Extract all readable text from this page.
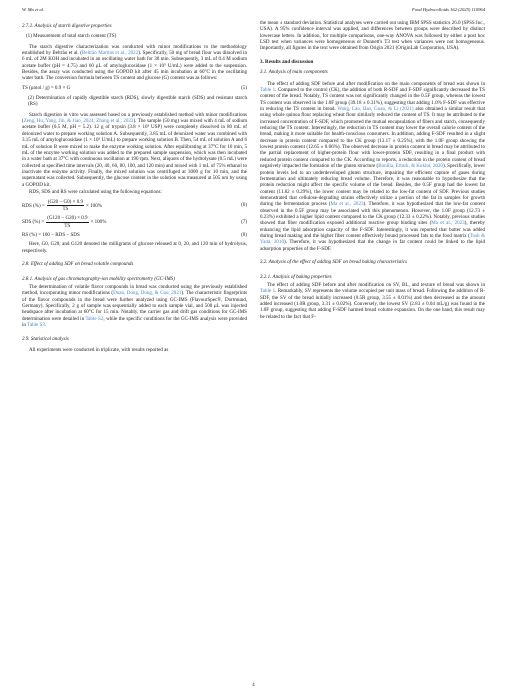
W. Ma et al.	Food Hydrocolloids 162 (2025) 110964
2.7.2. Analysis of starch digestive properties
(1) Measurement of total starch content (TS)

The starch digestive characterization was conducted with minor modifications to the methodology established by Beltrão et al. (Beltrão Martins et al., 2022). Specifically, 50 mg of bread flour was dissolved in 6 mL of 2M KOH and incubated in an oscillating water bath for 30 min. Subsequently, 3 mL of 0.4 M sodium acetate buffer (pH = 4.75) and 60 μL of amyloglucosidase (1 × 10⁵ U/mL) were added to the suspension. Besides, the assay was conducted using the GOPOD kit after 45 min incubation at 60°C in the oscillating water bath. The conversion formula between TS content and glucose (G) content was as follows:

TS (μmol / g) = 0.9 × G	(5)
(2) Determination of rapidly digestible starch (RDS), slowly digestible starch (SDS) and resistant starch (RS)

Starch digestion in vitro was assessed based on a previously established method with minor modifications (Zeng, Hu, Yang, Jin, & Jiao, 2024; Zhang et al., 2022). The sample (50 mg) was mixed with 4 mL of sodium acetate buffer (0.5 M, pH = 5.2). 12 g of trypsin (3.8 × 10³ USP) were completely dissolved in 80 mL of deionized water to prepare working solution A. Subsequently, 3.85 mL of deionized water was combined with 3.15 mL of amyloglucosidase (1 × 10⁵ U/mL) to prepare working solution B. Then, 54 mL of solution A and 6 mL of solution B were mixed to make the enzyme working solution. After equilibrating at 37°C for 10 min, 5 mL of the enzyme working solution was added to the prepared sample suspension, which was then incubated in a water bath at 37°C with continuous oscillation at 190 rpm. Next, aliquots of the hydrolysate (0.5 mL) were collected at specified time intervals (20, 40, 60, 80, 100, and 120 min) and mixed with 1 mL of 75% ethanol to inactivate the enzyme activity. Finally, the mixed solution was centrifuged at 3000 g for 10 min, and the supernatant was collected. Subsequently, the glucose content in the solution was measured at 505 nm by using a GOPOD kit.

RDS, SDS and RS were calculated using the following equations:

RDS (%) = $\frac{(G20 - G0) \times 0.9}{TS} \times 100\%$	(6)
SDS (%) = $\frac{(G120 - G20) \times 0.9}{TS} \times 100\%$	(7)
RS (%) = 100 − RDS − SDS	(8)

Here, G0, G20, and G120 denoted the milligrams of glucose released at 0, 20, and 120 min of hydrolysis, respectively.

2.8. Effect of adding SDF on bread volatile compounds
2.8.1. Analysis of gas chromatography-ion mobility spectrometry (GC-IMS)

The determination of volatile flavor compounds in bread was conducted using the previously established method, incorporating minor modifications (Duan, Dong, Dong, & Gao, 2021). The characteristic fingerprints of the flavor compounds in the bread were further analyzed using GC-IMS (FlavourSpec®, Dortmund, Germany). Specifically, 2 g of sample was sequentially added to each sample vial, and 500 μL was injected headspace after incubation at 60°C for 15 min. Notably, the carrier gas and drift gas conditions for GC-IMS determination were detailed in Table S2, while the specific conditions for the GC-IMS analysis were provided in Table S3.

2.9. Statistical analysis

All experiments were conducted in triplicate, with results reported as

the mean ± standard deviation. Statistical analyses were carried out using IBM SPSS statistics 26.0 (SPSS Inc., USA). A 95% confidence interval was applied, and differences between groups were described by distinct lowercase letters. In addition, for multiple comparisons, one-way ANOVA was followed by either a post hoc LSD test when variances were homogeneous or Dunnett's T3 test when variances were not homogeneous. Importantly, all figures in the text were obtained from Origin 2021 (OriginLab Corporation, USA).

3. Results and discussion
3.1. Analysis of main components

The effect of adding SDF before and after modification on the main components of bread was shown in Table 1. Compared to the control (CK), the addition of both R-SDF and F-SDF significantly decreased the TS content of the bread. Notably, TS content was not significantly changed in the 0.5F group, whereas the lowest TS content was observed in the 1.0F group (39.18 ± 0.31%), suggesting that adding 1.0% F-SDF was effective in reducing the TS content in bread. Wang, Lao, Bao, Guan, & Li (2021) also obtained a similar result that using whole quinoa flour replacing wheat flour similarly reduced the content of TS. It may be attributed to the increased concentration of F-SDF, which promoted the mutual encapsulation of fibers and starch, consequently reducing the TS content. Interestingly, the reduction in TS content may lower the overall calorie content of the bread, making it more suitable for health-conscious consumers. In addition, adding F-SDF resulted in a slight decrease in protein content compared to the CK group (13.17 ± 0.25%), with the 1.0F group showing the lowest protein content (12.65 ± 0.06%). The observed decrease in protein content in bread may be attributed to the partial replacement of higher-protein flour with lower-protein SDF, resulting in a final product with reduced protein content compared to the CK. According to reports, a reduction in the protein content of bread negatively impacted the formation of the gluten structure (Bonilla, Erturk, & Kokini, 2020). Specifically, lower protein levels led to an underdeveloped gluten structure, impairing the efficient capture of gases during fermentation and ultimately reducing bread volume. Therefore, it was reasonable to hypothesize that the protein reduction might affect the specific volume of the bread. Besides, the 0.5F group had the lowest fat content (11.82 ± 0.29%), the lower content may be related to the low-fat content of SDF. Previous studies demonstrated that cellulose-degrading strains effectively utilize a portion of the fat in samples for growth during the fermentation process (Ma et al., 2023). Therefore, it was hypothesized that the low-fat content observed in the 0.5F group may be associated with this phenomenon. However, the 1.0F group (12.73 ± 0.23%) exhibited a higher lipid content compared to the CK group (12.33 ± 0.22%). Notably, previous studies showed that fiber modification exposed additional reactive group binding sites (Ma et al., 2023), thereby enhancing the lipid adsorption capacity of the F-SDF. Interestingly, it was reported that butter was added during bread making and the higher fiber content effectively bound processed fats to the food matrix (Tosh & Yada, 2010). Therefore, it was hypothesized that the change in fat content could be linked to the lipid adsorption properties of the F-SDF.

3.2. Analysis of the effect of adding SDF on bread baking characteristics
3.2.1. Analysis of baking properties

The effect of adding SDF before and after modification on SV, BL, and texture of bread was shown in Table 1. Remarkably, SV represents the volume occupied per unit mass of bread. Following the addition of R-SDF, the SV of the bread initially increased (0.5R group, 3.55 ± 0.01%) and then decreased as the amount added increased (1.0R group, 3.31 ± 0.02%). Conversely, the lowest SV (2.83 ± 0.04 mL/g) was found in the 1.0F group, suggesting that adding F-SDF harmed bread volume expansion. On the one hand, this result may be related to the fact that F-

4
